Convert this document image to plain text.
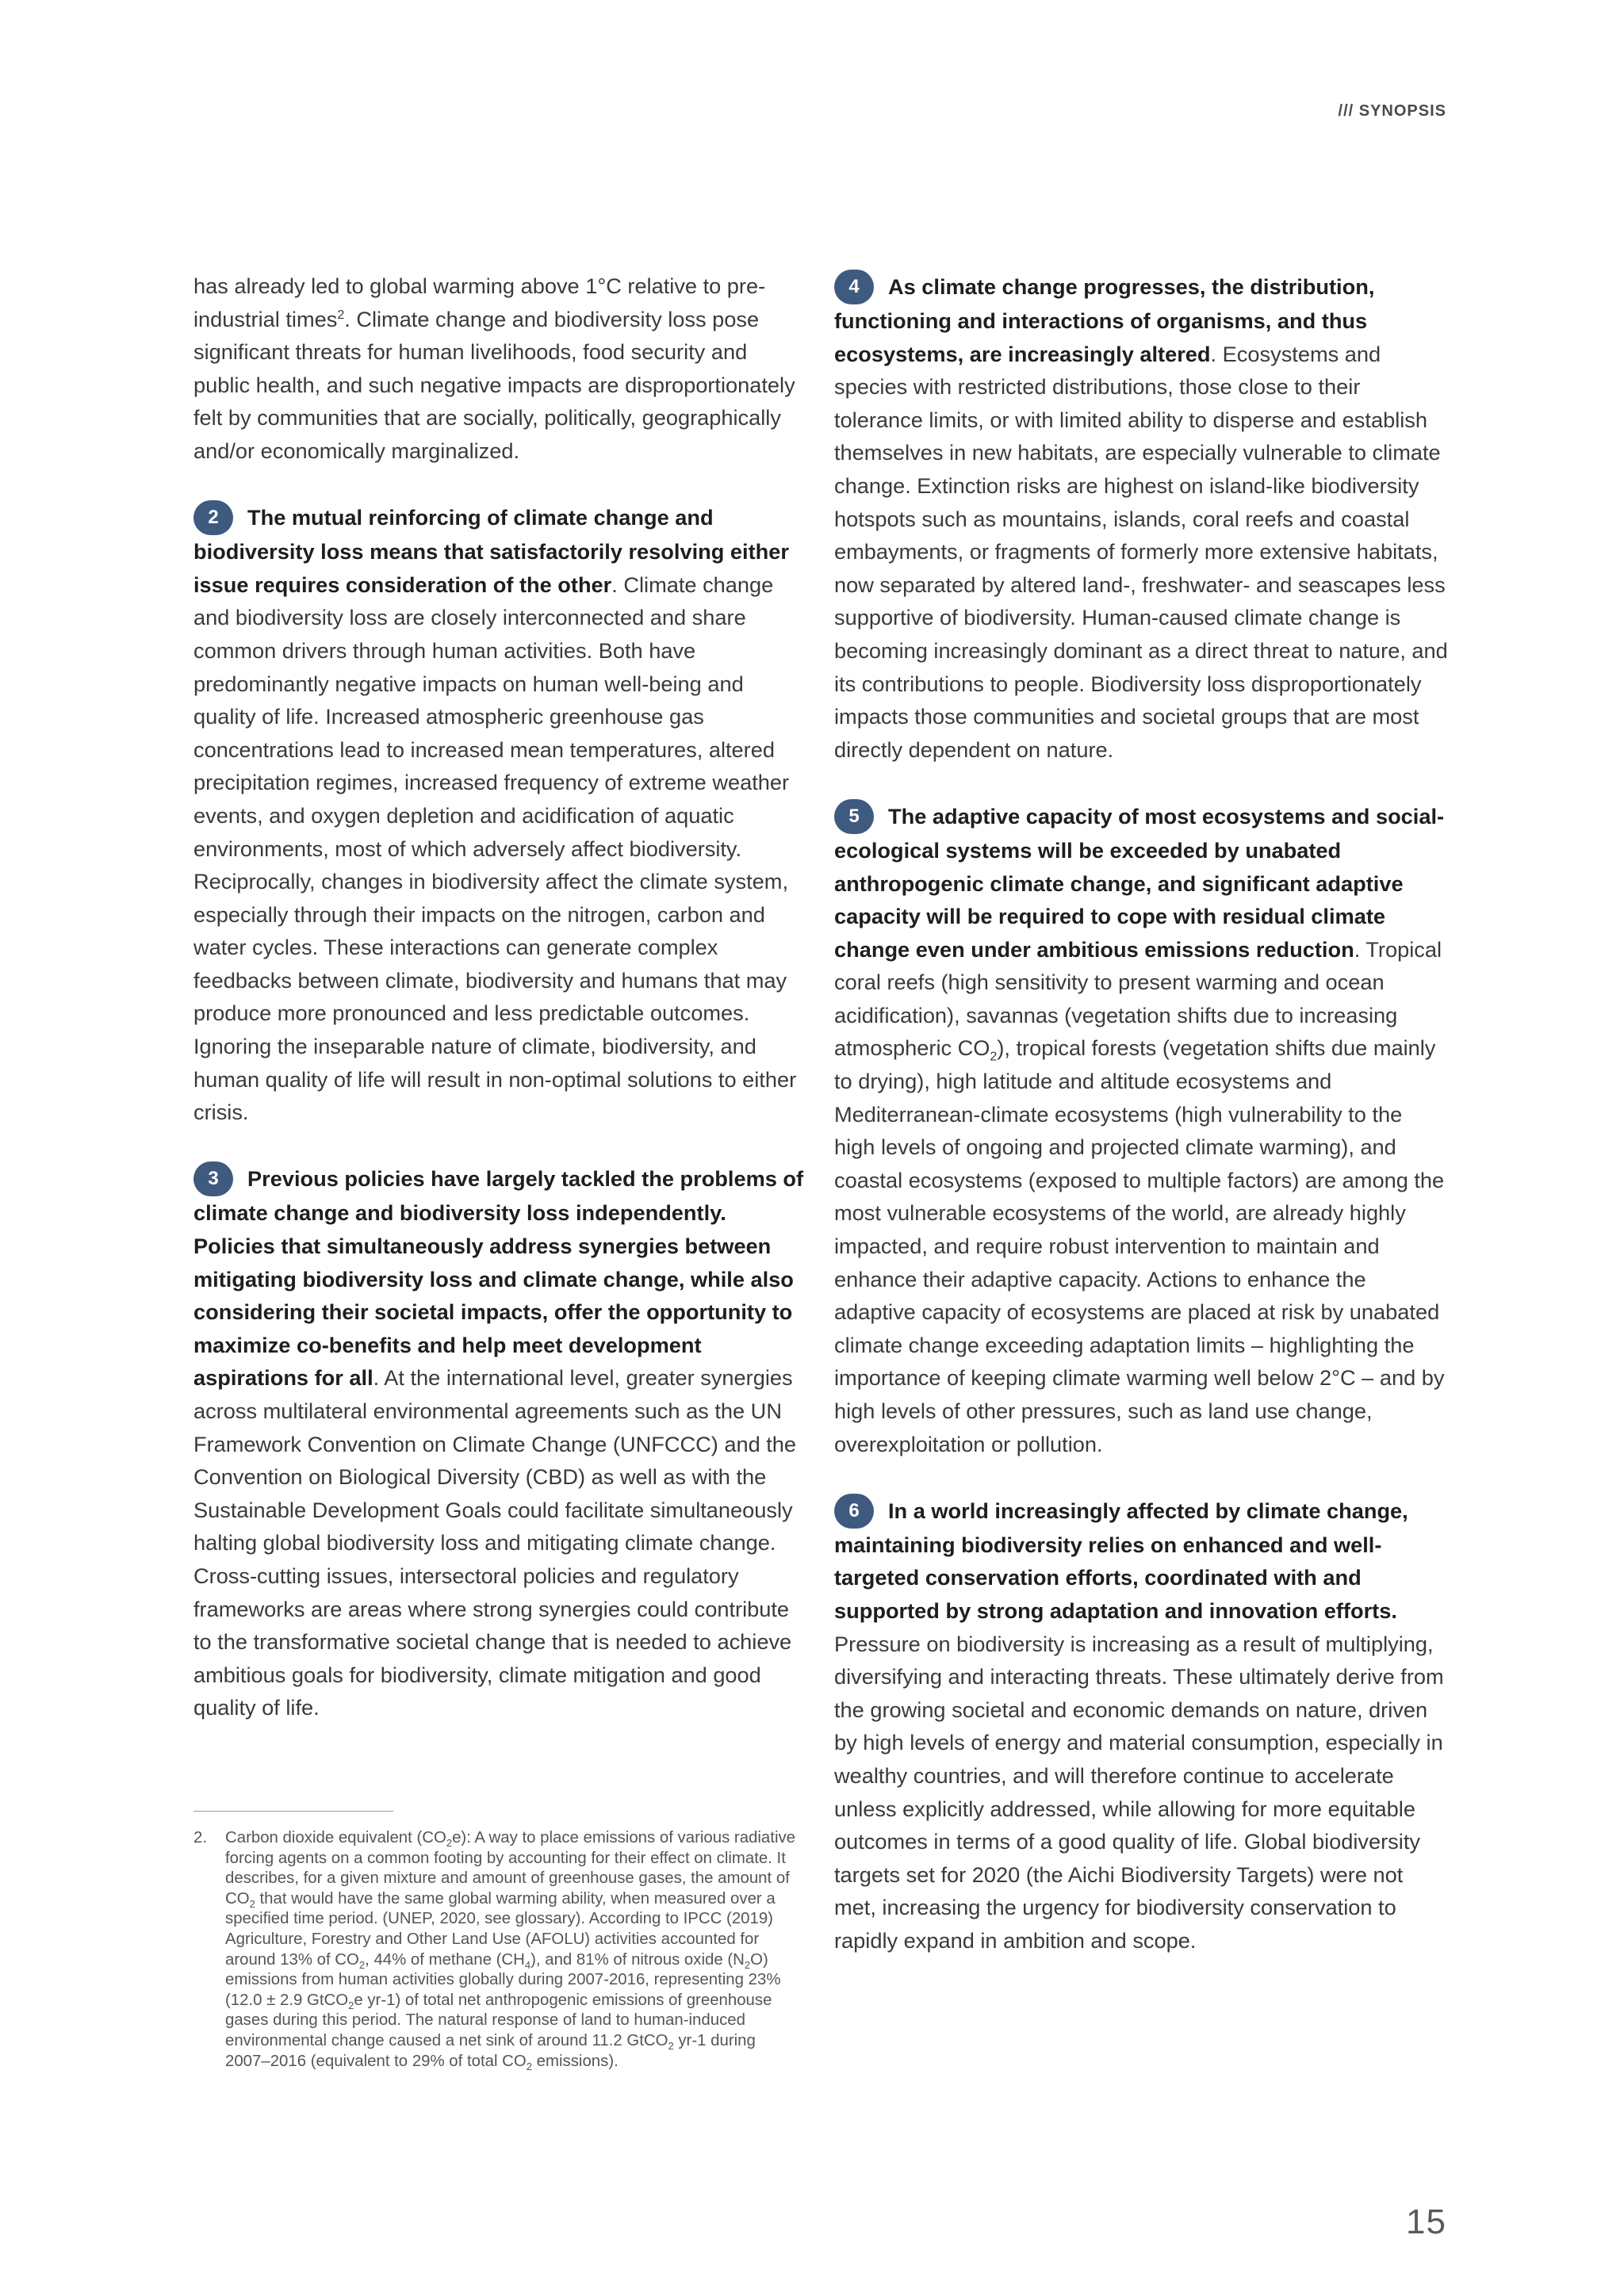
/// SYNOPSIS

has already led to global warming above 1°C relative to pre-industrial times$^2$. Climate change and biodiversity loss pose significant threats for human livelihoods, food security and public health, and such negative impacts are disproportionately felt by communities that are socially, politically, geographically and/or economically marginalized.

2 The mutual reinforcing of climate change and biodiversity loss means that satisfactorily resolving either issue requires consideration of the other. Climate change and biodiversity loss are closely interconnected and share common drivers through human activities. Both have predominantly negative impacts on human well-being and quality of life. Increased atmospheric greenhouse gas concentrations lead to increased mean temperatures, altered precipitation regimes, increased frequency of extreme weather events, and oxygen depletion and acidification of aquatic environments, most of which adversely affect biodiversity. Reciprocally, changes in biodiversity affect the climate system, especially through their impacts on the nitrogen, carbon and water cycles. These interactions can generate complex feedbacks between climate, biodiversity and humans that may produce more pronounced and less predictable outcomes. Ignoring the inseparable nature of climate, biodiversity, and human quality of life will result in non-optimal solutions to either crisis.

3 Previous policies have largely tackled the problems of climate change and biodiversity loss independently. Policies that simultaneously address synergies between mitigating biodiversity loss and climate change, while also considering their societal impacts, offer the opportunity to maximize co-benefits and help meet development aspirations for all. At the international level, greater synergies across multilateral environmental agreements such as the UN Framework Convention on Climate Change (UNFCCC) and the Convention on Biological Diversity (CBD) as well as with the Sustainable Development Goals could facilitate simultaneously halting global biodiversity loss and mitigating climate change. Cross-cutting issues, intersectoral policies and regulatory frameworks are areas where strong synergies could contribute to the transformative societal change that is needed to achieve ambitious goals for biodiversity, climate mitigation and good quality of life.

2. Carbon dioxide equivalent $(CO_2e)$: A way to place emissions of various radiative forcing agents on a common footing by accounting for their effect on climate. It describes, for a given mixture and amount of greenhouse gases, the amount of $CO_2$ that would have the same global warming ability, when measured over a specified time period. (UNEP, 2020, see glossary). According to IPCC (2019) Agriculture, Forestry and Other Land Use (AFOLU) activities accounted for around 13% of $CO_2$, 44% of methane $(CH_4)$, and 81% of nitrous oxide $(N_2O)$ emissions from human activities globally during 2007-2016, representing 23% (12.0 ± 2.9 GtCO$_2$e yr-1) of total net anthropogenic emissions of greenhouse gases during this period. The natural response of land to human-induced environmental change caused a net sink of around 11.2 GtCO$_2$ yr-1 during 2007–2016 (equivalent to 29% of total $CO_2$ emissions).

4 As climate change progresses, the distribution, functioning and interactions of organisms, and thus ecosystems, are increasingly altered. Ecosystems and species with restricted distributions, those close to their tolerance limits, or with limited ability to disperse and establish themselves in new habitats, are especially vulnerable to climate change. Extinction risks are highest on island-like biodiversity hotspots such as mountains, islands, coral reefs and coastal embayments, or fragments of formerly more extensive habitats, now separated by altered land-, freshwater- and seascapes less supportive of biodiversity. Human-caused climate change is becoming increasingly dominant as a direct threat to nature, and its contributions to people. Biodiversity loss disproportionately impacts those communities and societal groups that are most directly dependent on nature.

5 The adaptive capacity of most ecosystems and social-ecological systems will be exceeded by unabated anthropogenic climate change, and significant adaptive capacity will be required to cope with residual climate change even under ambitious emissions reduction. Tropical coral reefs (high sensitivity to present warming and ocean acidification), savannas (vegetation shifts due to increasing atmospheric $CO_2$), tropical forests (vegetation shifts due mainly to drying), high latitude and altitude ecosystems and Mediterranean-climate ecosystems (high vulnerability to the high levels of ongoing and projected climate warming), and coastal ecosystems (exposed to multiple factors) are among the most vulnerable ecosystems of the world, are already highly impacted, and require robust intervention to maintain and enhance their adaptive capacity. Actions to enhance the adaptive capacity of ecosystems are placed at risk by unabated climate change exceeding adaptation limits – highlighting the importance of keeping climate warming well below 2°C – and by high levels of other pressures, such as land use change, overexploitation or pollution.

6 In a world increasingly affected by climate change, maintaining biodiversity relies on enhanced and well-targeted conservation efforts, coordinated with and supported by strong adaptation and innovation efforts. Pressure on biodiversity is increasing as a result of multiplying, diversifying and interacting threats. These ultimately derive from the growing societal and economic demands on nature, driven by high levels of energy and material consumption, especially in wealthy countries, and will therefore continue to accelerate unless explicitly addressed, while allowing for more equitable outcomes in terms of a good quality of life. Global biodiversity targets set for 2020 (the Aichi Biodiversity Targets) were not met, increasing the urgency for biodiversity conservation to rapidly expand in ambition and scope.

15
